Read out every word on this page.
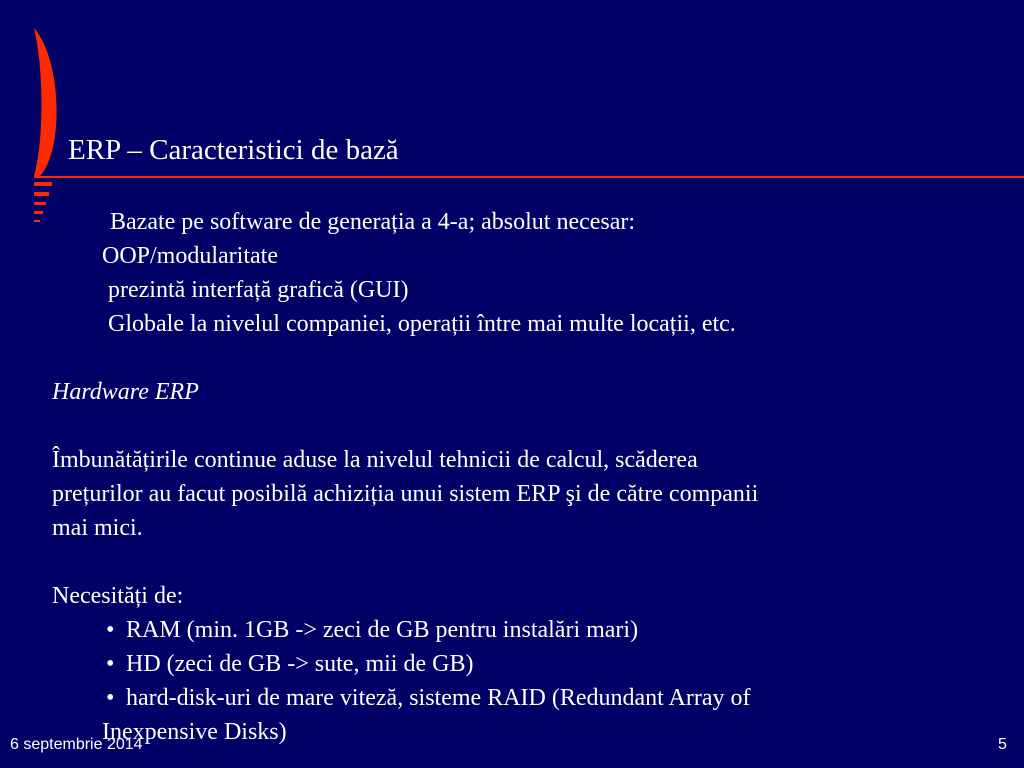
ERP – Caracteristici de bază
Bazate pe software de generația a 4-a; absolut necesar:
OOP/modularitate
prezintă interfață grafică (GUI)
Globale la nivelul companiei, operații între mai multe locații, etc.
Hardware ERP
Îmbunătățirile continue aduse la nivelul tehnicii de calcul, scăderea
prețurilor au facut posibilă achiziția unui sistem ERP şi de către companii
mai mici.
Necesități de:
• RAM (min. 1GB -> zeci de GB pentru instalări mari)
• HD (zeci de GB -> sute, mii de GB)
• hard-disk-uri de mare viteză, sisteme RAID (Redundant Array of
Inexpensive Disks)
6 septembrie 2014	5
